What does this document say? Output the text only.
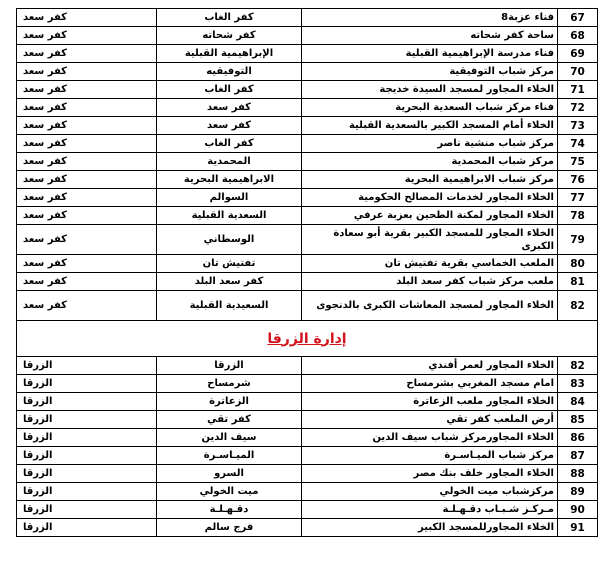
كفر سعد	كفر الغاب	فناء عزبة8	67
كفر سعد	كفر شحاته	ساحة كفر شحاته	68
كفر سعد	الإبراهيمية القبلية	فناء مدرسة الإبراهيمية القبلية	69
كفر سعد	التوفيقيه	مركز شباب التوفيقية	70
كفر سعد	كفر الغاب	الخلاء المجاور لمسجد السيدة خديجة	71
كفر سعد	كفر سعد	فناء مركز شباب السعدية البحرية	72
كفر سعد	كفر سعد	الخلاء أمام المسجد الكبير بالسعدية القبلية	73
كفر سعد	كفر الغاب	مركز شباب منشية ناصر	74
كفر سعد	المحمدية	مركز شباب المحمدية	75
كفر سعد	الابراهيمية البحرية	مركز شباب الابراهيمية البحرية	76
كفر سعد	السوالم	الخلاء المجاور لخدمات المصالح الحكومية	77
كفر سعد	السعدية القبلية	الخلاء المجاور لمكنة الطحين بعزبة عرفي	78
كفر سعد	الوسطاني	الخلاء المجاور للمسجد الكبير بقرية أبو سعادة الكبرى	79
كفر سعد	تفتيش تان	الملعب الخماسي بقرية تفتيش تان	80
كفر سعد	كفر سعد البلد	ملعب مركز شباب كفر سعد البلد	81
كفر سعد	السعيدية القبلية	الخلاء المجاور لمسجد المعاشات الكبرى بالدنجوى	82
إدارة الزرقا			
الزرقا	الزرقا	الخلاء المجاور لعمر أفندي	82
الزرقا	شرمساح	امام مسجد المغربي بشرمساح	83
الزرقا	الزعاترة	الخلاء المجاور ملعب الزعاترة	84
الزرقا	كفر تقي	أرض الملعب كفر تقي	85
الزرقا	سيف الدين	الخلاء المجاورمركز شباب سيف الدين	86
الزرقا	الميـاسـرة	مركز شباب الميـاسـرة	87
الزرقا	السرو	الخلاء المجاور خلف بنك مصر	88
الزرقا	ميت الخولي	مركزشباب ميت الخولي	89
الزرقا	دقـهـلـة	مـركـز شـبـاب دقـهـلـة	90
الزرقا	فرج سالم	الخلاء المجاورللمسجد الكبير	91
